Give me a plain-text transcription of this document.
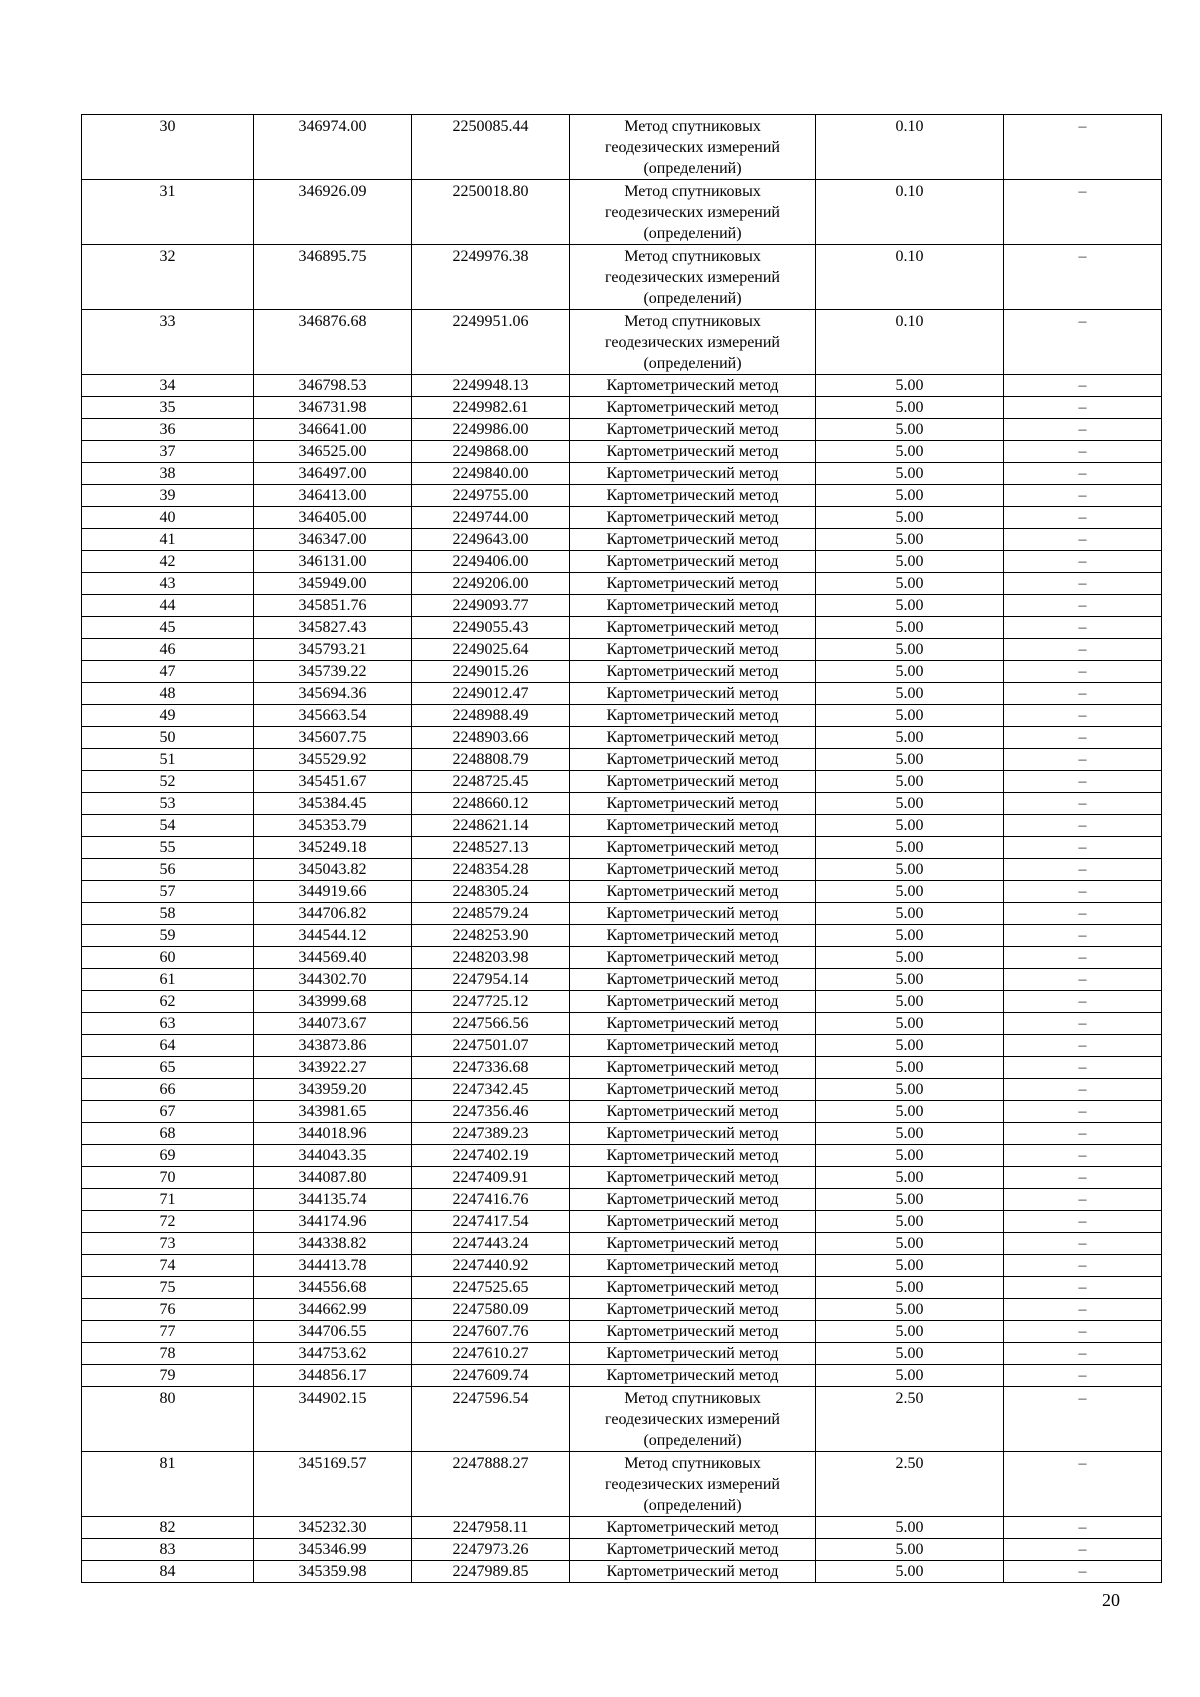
30	346974.00	2250085.44	Метод спутниковых геодезических измерений (определений)	0.10	–
31	346926.09	2250018.80	Метод спутниковых геодезических измерений (определений)	0.10	–
32	346895.75	2249976.38	Метод спутниковых геодезических измерений (определений)	0.10	–
33	346876.68	2249951.06	Метод спутниковых геодезических измерений (определений)	0.10	–
34	346798.53	2249948.13	Картометрический метод	5.00	–
35	346731.98	2249982.61	Картометрический метод	5.00	–
36	346641.00	2249986.00	Картометрический метод	5.00	–
37	346525.00	2249868.00	Картометрический метод	5.00	–
38	346497.00	2249840.00	Картометрический метод	5.00	–
39	346413.00	2249755.00	Картометрический метод	5.00	–
40	346405.00	2249744.00	Картометрический метод	5.00	–
41	346347.00	2249643.00	Картометрический метод	5.00	–
42	346131.00	2249406.00	Картометрический метод	5.00	–
43	345949.00	2249206.00	Картометрический метод	5.00	–
44	345851.76	2249093.77	Картометрический метод	5.00	–
45	345827.43	2249055.43	Картометрический метод	5.00	–
46	345793.21	2249025.64	Картометрический метод	5.00	–
47	345739.22	2249015.26	Картометрический метод	5.00	–
48	345694.36	2249012.47	Картометрический метод	5.00	–
49	345663.54	2248988.49	Картометрический метод	5.00	–
50	345607.75	2248903.66	Картометрический метод	5.00	–
51	345529.92	2248808.79	Картометрический метод	5.00	–
52	345451.67	2248725.45	Картометрический метод	5.00	–
53	345384.45	2248660.12	Картометрический метод	5.00	–
54	345353.79	2248621.14	Картометрический метод	5.00	–
55	345249.18	2248527.13	Картометрический метод	5.00	–
56	345043.82	2248354.28	Картометрический метод	5.00	–
57	344919.66	2248305.24	Картометрический метод	5.00	–
58	344706.82	2248579.24	Картометрический метод	5.00	–
59	344544.12	2248253.90	Картометрический метод	5.00	–
60	344569.40	2248203.98	Картометрический метод	5.00	–
61	344302.70	2247954.14	Картометрический метод	5.00	–
62	343999.68	2247725.12	Картометрический метод	5.00	–
63	344073.67	2247566.56	Картометрический метод	5.00	–
64	343873.86	2247501.07	Картометрический метод	5.00	–
65	343922.27	2247336.68	Картометрический метод	5.00	–
66	343959.20	2247342.45	Картометрический метод	5.00	–
67	343981.65	2247356.46	Картометрический метод	5.00	–
68	344018.96	2247389.23	Картометрический метод	5.00	–
69	344043.35	2247402.19	Картометрический метод	5.00	–
70	344087.80	2247409.91	Картометрический метод	5.00	–
71	344135.74	2247416.76	Картометрический метод	5.00	–
72	344174.96	2247417.54	Картометрический метод	5.00	–
73	344338.82	2247443.24	Картометрический метод	5.00	–
74	344413.78	2247440.92	Картометрический метод	5.00	–
75	344556.68	2247525.65	Картометрический метод	5.00	–
76	344662.99	2247580.09	Картометрический метод	5.00	–
77	344706.55	2247607.76	Картометрический метод	5.00	–
78	344753.62	2247610.27	Картометрический метод	5.00	–
79	344856.17	2247609.74	Картометрический метод	5.00	–
80	344902.15	2247596.54	Метод спутниковых геодезических измерений (определений)	2.50	–
81	345169.57	2247888.27	Метод спутниковых геодезических измерений (определений)	2.50	–
82	345232.30	2247958.11	Картометрический метод	5.00	–
83	345346.99	2247973.26	Картометрический метод	5.00	–
84	345359.98	2247989.85	Картометрический метод	5.00	–
20
